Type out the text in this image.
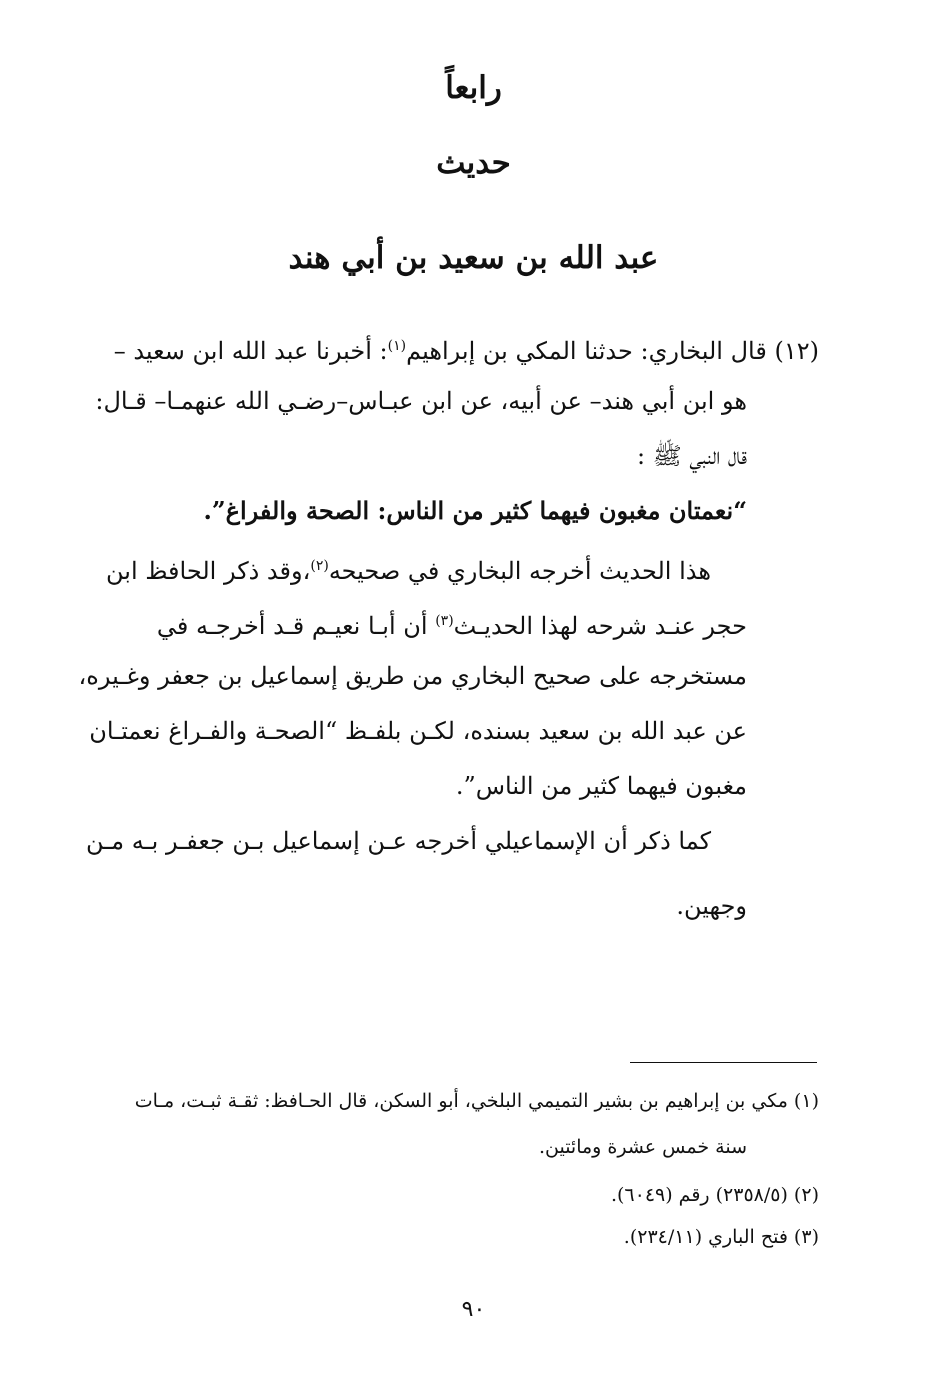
رابعاً
حديث
عبد الله بن سعيد بن أبي هند
(١٢) قال البخاري: حدثنا المكي بن إبراهيم$^{(١)}$: أخبرنا عبد الله ابن سعيد –
هو ابن أبي هند– عن أبيه، عن ابن عبـاس–رضـي الله عنهمـا– قـال:
قال النبي ﷺ :
“نعمتان مغبون فيهما كثير من الناس: الصحة والفراغ”.
هذا الحديث أخرجه البخاري في صحيحه$^{(٢)}$،وقد ذكر الحافظ ابن
حجر عنـد شرحه لهذا الحديـث$^{(٣)}$ أن أبـا نعيـم قـد أخرجـه في
مستخرجه على صحيح البخاري من طريق إسماعيل بن جعفر وغـيره،
عن عبد الله بن سعيد بسنده، لكـن بلفـظ “الصحـة والفـراغ نعمتـان
مغبون فيهما كثير من الناس”.
كما ذكر أن الإسماعيلي أخرجه عـن إسماعيل بـن جعفـر بـه مـن
وجهين.
(١) مكي بن إبراهيم بن بشير التميمي البلخي، أبو السكن، قال الحـافظ: ثقـة ثبـت، مـات
سنة خمس عشرة ومائتين.
(٢) (٢٣٥٨/٥) رقم (٦٠٤٩).
(٣) فتح الباري (٢٣٤/١١).
٩٠
